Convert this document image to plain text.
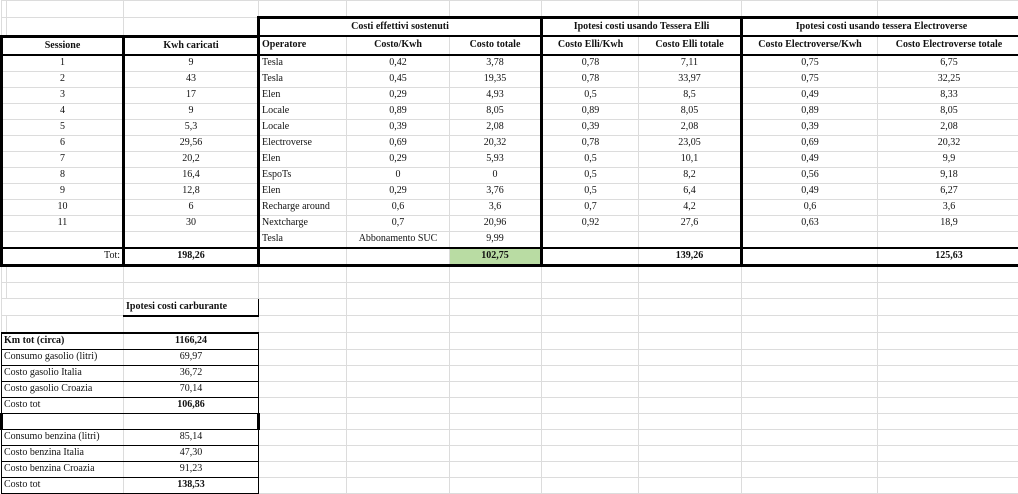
			Costi effettivi sostenuti			Ipotesi costi usando Tessera Elli		Ipotesi costi usando tessera Electroverse	
Sessione		Kwh caricati	Operatore	Costo/Kwh	Costo totale	Costo Elli/Kwh	Costo Elli totale	Costo Electroverse/Kwh	Costo Electroverse totale
1		9	Tesla	0,42	3,78	0,78	7,11	0,75	6,75
2		43	Tesla	0,45	19,35	0,78	33,97	0,75	32,25
3		17	Elen	0,29	4,93	0,5	8,5	0,49	8,33
4		9	Locale	0,89	8,05	0,89	8,05	0,89	8,05
5		5,3	Locale	0,39	2,08	0,39	2,08	0,39	2,08
6		29,56	Electroverse	0,69	20,32	0,78	23,05	0,69	20,32
7		20,2	Elen	0,29	5,93	0,5	10,1	0,49	9,9
8		16,4	EspoTs	0	0	0,5	8,2	0,56	9,18
9		12,8	Elen	0,29	3,76	0,5	6,4	0,49	6,27
10		6	Recharge around	0,6	3,6	0,7	4,2	0,6	3,6
11		30	Nextcharge	0,7	20,96	0,92	27,6	0,63	18,9
			Tesla	Abbonamento SUC	9,99				
Tot:		198,26			102,75		139,26		125,63

		Ipotesi costi carburante							

Km tot (circa)		1166,24							
Consumo gasolio (litri)		69,97							
Costo gasolio Italia		36,72							
Costo gasolio Croazia		70,14							
Costo tot		106,86							

Consumo benzina (litri)		85,14							
Costo benzina Italia		47,30							
Costo benzina Croazia		91,23							
Costo tot		138,53							
